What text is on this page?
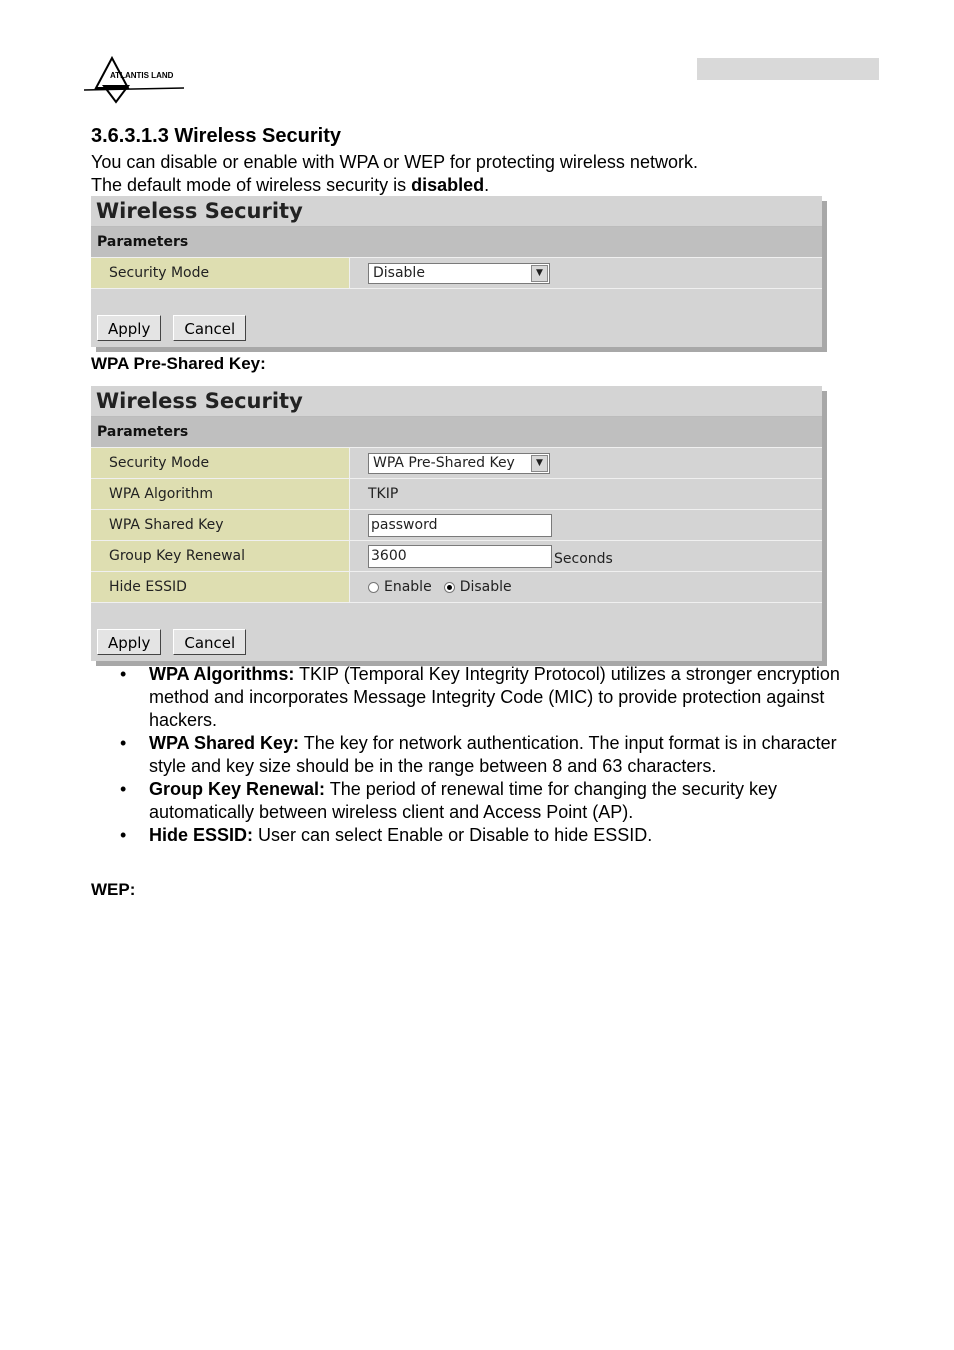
ATLANTIS LAND
3.6.3.1.3 Wireless Security
You can disable or enable with WPA or WEP for protecting wireless network.
The default mode of wireless security is disabled.
Wireless Security
Parameters
Security Mode	Disable	▼
Apply	Cancel
WPA Pre-Shared Key:
Wireless Security
Parameters
Security Mode	WPA Pre-Shared Key	▼
WPA Algorithm	TKIP
WPA Shared Key	password
Group Key Renewal	3600	Seconds
Hide ESSID	Enable Disable
Apply	Cancel
• WPA Algorithms: TKIP (Temporal Key Integrity Protocol) utilizes a stronger encryption method and incorporates Message Integrity Code (MIC) to provide protection against hackers.
• WPA Shared Key: The key for network authentication. The input format is in character style and key size should be in the range between 8 and 63 characters.
• Group Key Renewal: The period of renewal time for changing the security key automatically between wireless client and Access Point (AP).
• Hide ESSID: User can select Enable or Disable to hide ESSID.
WEP:
